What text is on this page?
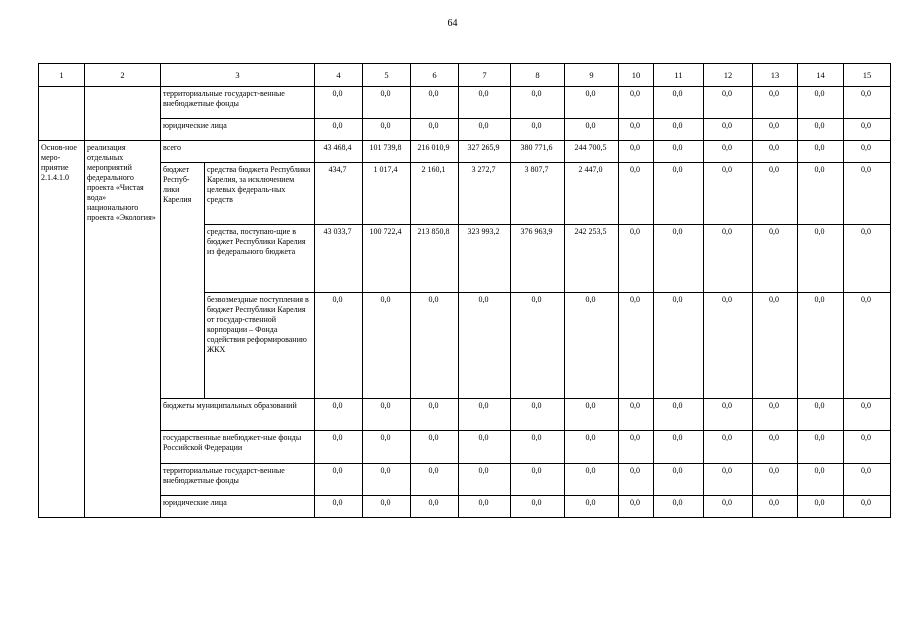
64
1	2	3		4	5	6	7	8	9	10	11	12	13	14	15
		территориальные государст-венные внебюджетные фонды		0,0	0,0	0,0	0,0	0,0	0,0	0,0	0,0	0,0	0,0	0,0	0,0
		юридические лица		0,0	0,0	0,0	0,0	0,0	0,0	0,0	0,0	0,0	0,0	0,0	0,0
Основ-ное меро-приятие 2.1.4.1.0	реализация отдельных мероприятий федерального проекта «Чистая вода» национального проекта «Экология»	всего		43 468,4	101 739,8	216 010,9	327 265,9	380 771,6	244 700,5	0,0	0,0	0,0	0,0	0,0	0,0
		бюджет Респуб-лики Карелия	средства бюджета Республики Карелия, за исключением целевых федераль-ных средств	434,7	1 017,4	2 160,1	3 272,7	3 807,7	2 447,0	0,0	0,0	0,0	0,0	0,0	0,0
			средства, поступаю-щие в бюджет Республики Карелия из федерального бюджета	43 033,7	100 722,4	213 850,8	323 993,2	376 963,9	242 253,5	0,0	0,0	0,0	0,0	0,0	0,0
			безвозмездные поступления в бюджет Республики Карелия от государ-ственной корпорации – Фонда содействия реформированию ЖКХ	0,0	0,0	0,0	0,0	0,0	0,0	0,0	0,0	0,0	0,0	0,0	0,0
		бюджеты муниципальных образований		0,0	0,0	0,0	0,0	0,0	0,0	0,0	0,0	0,0	0,0	0,0	0,0
		государственные внебюджет-ные фонды Российской Федерации		0,0	0,0	0,0	0,0	0,0	0,0	0,0	0,0	0,0	0,0	0,0	0,0
		территориальные государст-венные внебюджетные фонды		0,0	0,0	0,0	0,0	0,0	0,0	0,0	0,0	0,0	0,0	0,0	0,0
		юридические лица		0,0	0,0	0,0	0,0	0,0	0,0	0,0	0,0	0,0	0,0	0,0	0,0
